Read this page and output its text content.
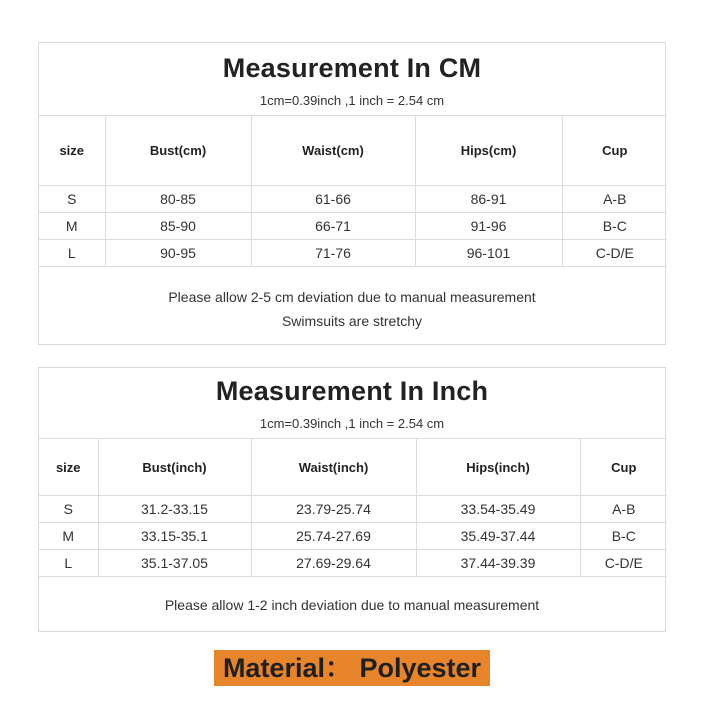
Measurement In CM
1cm=0.39inch ,1 inch = 2.54 cm
size	Bust(cm)	Waist(cm)	Hips(cm)	Cup
S	80-85	61-66	86-91	A-B
M	85-90	66-71	91-96	B-C
L	90-95	71-76	96-101	C-D/E
Please allow 2-5 cm deviation due to manual measurement
Swimsuits are stretchy
Measurement In Inch
1cm=0.39inch ,1 inch = 2.54 cm
size	Bust(inch)	Waist(inch)	Hips(inch)	Cup
S	31.2-33.15	23.79-25.74	33.54-35.49	A-B
M	33.15-35.1	25.74-27.69	35.49-37.44	B-C
L	35.1-37.05	27.69-29.64	37.44-39.39	C-D/E
Please allow 1-2 inch deviation due to manual measurement
Material： Polyester
